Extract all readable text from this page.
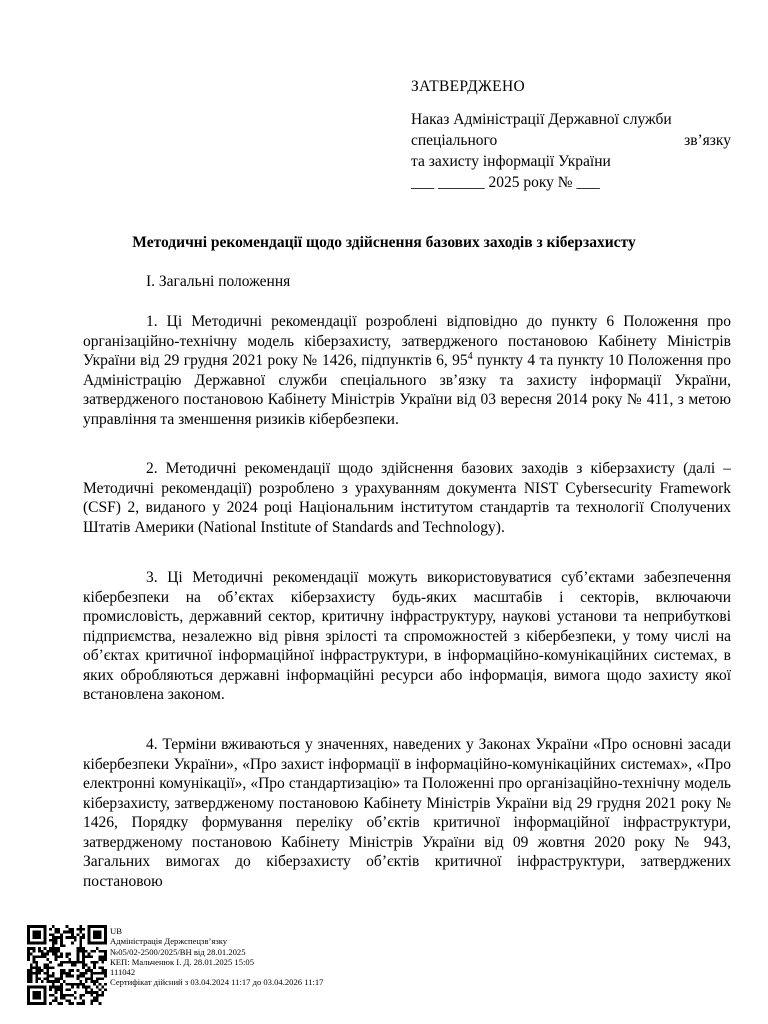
ЗАТВЕРДЖЕНО
Наказ Адміністрації Державної служби
спеціального	зв’язку
та захисту інформації України
___ ______ 2025 року № ___
Методичні рекомендації щодо здійснення базових заходів з кіберзахисту
I. Загальні положення

1. Ці Методичні рекомендації розроблені відповідно до пункту 6 Положення про організаційно-технічну модель кіберзахисту, затвердженого постановою Кабінету Міністрів України від 29 грудня 2021 року № 1426, підпунктів 6, $95^4$ пункту 4 та пункту 10 Положення про Адміністрацію Державної служби спеціального зв’язку та захисту інформації України, затвердженого постановою Кабінету Міністрів України від 03 вересня 2014 року № 411, з метою управління та зменшення ризиків кібербезпеки.

2. Методичні рекомендації щодо здійснення базових заходів з кіберзахисту (далі – Методичні рекомендації) розроблено з урахуванням документа NIST Cybersecurity Framework (CSF) 2, виданого у 2024 році Національним інститутом стандартів та технології Сполучених Штатів Америки (National Institute of Standards and Technology).

3. Ці Методичні рекомендації можуть використовуватися суб’єктами забезпечення кібербезпеки на об’єктах кіберзахисту будь-яких масштабів і секторів, включаючи промисловість, державний сектор, критичну інфраструктуру, наукові установи та неприбуткові підприємства, незалежно від рівня зрілості та спроможностей з кібербезпеки, у тому числі на об’єктах критичної інформаційної інфраструктури, в інформаційно-комунікаційних системах, в яких обробляються державні інформаційні ресурси або інформація, вимога щодо захисту якої встановлена законом.

4. Терміни вживаються у значеннях, наведених у Законах України «Про основні засади кібербезпеки України», «Про захист інформації в інформаційно-комунікаційних системах», «Про електронні комунікації», «Про стандартизацію» та Положенні про організаційно-технічну модель кіберзахисту, затвердженому постановою Кабінету Міністрів України від 29 грудня 2021 року № 1426, Порядку формування переліку об’єктів критичної інформаційної інфраструктури, затвердженому постановою Кабінету Міністрів України від 09 жовтня 2020 року № 943, Загальних вимогах до кіберзахисту об’єктів критичної інфраструктури, затверджених постановою

UB
Адміністрація Держспецзв’язку
№05/02-2500/2025/ВН від 28.01.2025
КЕП: Мальченюк І. Д. 28.01.2025 15:05
111042
Сертифікат дійсний з 03.04.2024 11:17 до 03.04.2026 11:17
